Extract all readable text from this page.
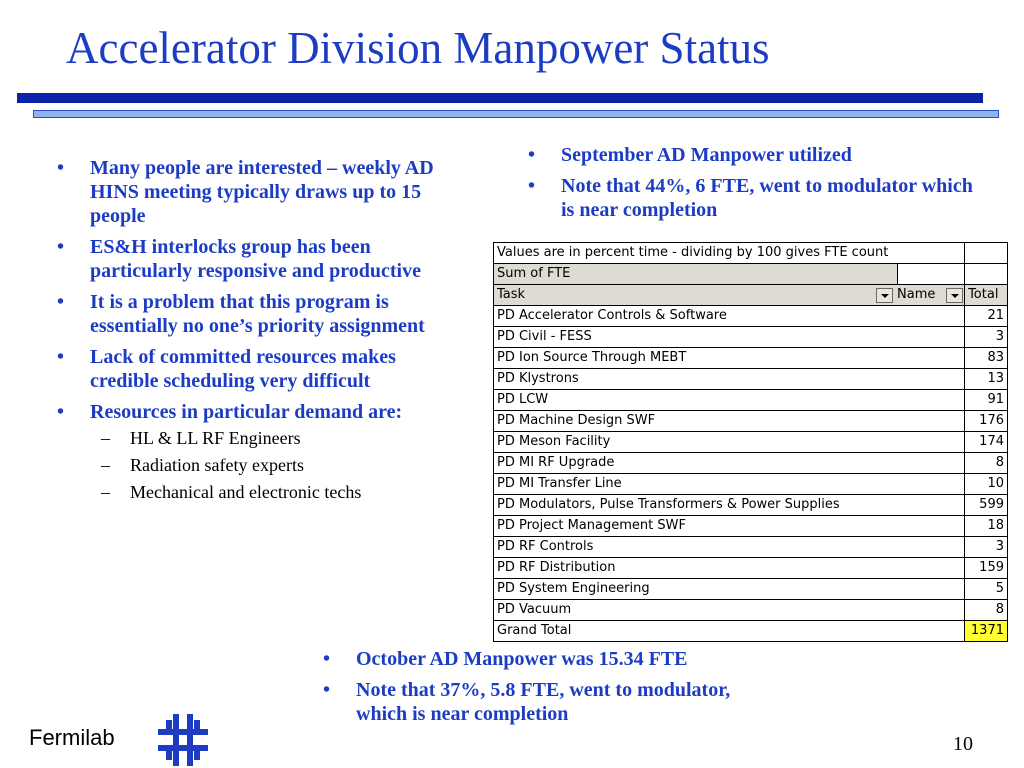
Accelerator Division Manpower Status
• Many people are interested – weekly AD HINS meeting typically draws up to 15 people
• ES&H interlocks group has been particularly responsive and productive
• It is a problem that this program is essentially no one’s priority assignment
• Lack of committed resources makes credible scheduling very difficult
• Resources in particular demand are:
– HL & LL RF Engineers
– Radiation safety experts
– Mechanical and electronic techs
• September AD Manpower utilized
• Note that 44%, 6 FTE, went to modulator which is near completion
Values are in percent time - dividing by 100 gives FTE count	

Sum of FTE	

Task Name	Total
PD Accelerator Controls & Software	21
PD Civil - FESS	3
PD Ion Source Through MEBT	83
PD Klystrons	13
PD LCW	91
PD Machine Design SWF	176
PD Meson Facility	174
PD MI RF Upgrade	8
PD MI Transfer Line	10
PD Modulators, Pulse Transformers & Power Supplies	599
PD Project Management SWF	18
PD RF Controls	3
PD RF Distribution	159
PD System Engineering	5
PD Vacuum	8
Grand Total	1371
• October AD Manpower was 15.34 FTE
• Note that 37%, 5.8 FTE, went to modulator, which is near completion
Fermilab	10
